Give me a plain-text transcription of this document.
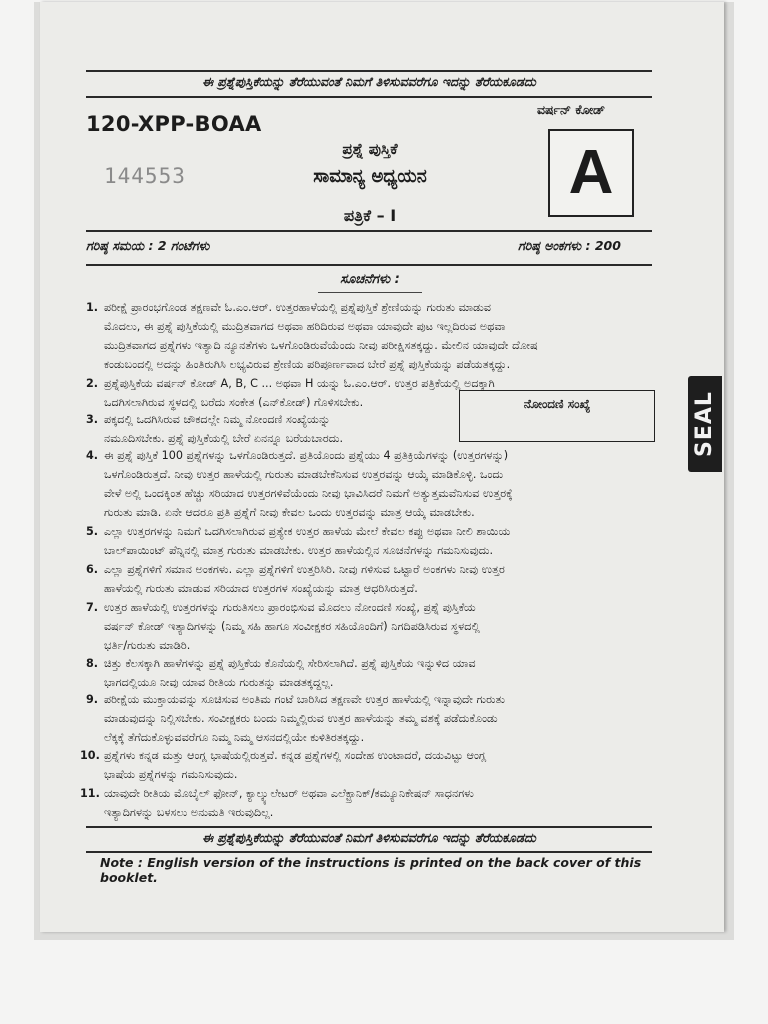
ಈ ಪ್ರಶ್ನೆಪುಸ್ತಿಕೆಯನ್ನು ತೆರೆಯುವಂತೆ ನಿಮಗೆ ತಿಳಿಸುವವರೆಗೂ ಇದನ್ನು ತೆರೆಯಕೂಡದು
120-XPP-BOAA
144553
ವರ್ಷನ್ ಕೋಡ್
A
ಪ್ರಶ್ನೆ ಪುಸ್ತಿಕೆ
ಸಾಮಾನ್ಯ ಅಧ್ಯಯನ
ಪತ್ರಿಕೆ – I
ಗರಿಷ್ಠ ಸಮಯ : 2 ಗಂಟೆಗಳು	ಗರಿಷ್ಠ ಅಂಕಗಳು : 200
ಸೂಚನೆಗಳು :
ನೋಂದಣಿ ಸಂಖ್ಯೆ
1. ಪರೀಕ್ಷೆ ಪ್ರಾರಂಭಗೊಂಡ ತಕ್ಷಣವೇ ಓ.ಎಂ.ಆರ್. ಉತ್ತರಹಾಳೆಯಲ್ಲಿ ಪ್ರಶ್ನೆಪುಸ್ತಿಕೆ ಶ್ರೇಣಿಯನ್ನು ಗುರುತು ಮಾಡುವ
ಮೊದಲು, ಈ ಪ್ರಶ್ನೆ ಪುಸ್ತಿಕೆಯಲ್ಲಿ ಮುದ್ರಿತವಾಗದ ಅಥವಾ ಹರಿದಿರುವ ಅಥವಾ ಯಾವುದೇ ಪುಟ ಇಲ್ಲದಿರುವ ಅಥವಾ
ಮುದ್ರಿತವಾಗದ ಪ್ರಶ್ನೆಗಳು ಇತ್ಯಾದಿ ನ್ಯೂನತೆಗಳು ಒಳಗೊಂಡಿರುವೆಯೆಂದು ನೀವು ಪರೀಕ್ಷಿಸತಕ್ಕದ್ದು. ಮೇಲಿನ ಯಾವುದೇ ದೋಷ
ಕಂಡುಬಂದಲ್ಲಿ ಅದನ್ನು ಹಿಂತಿರುಗಿಸಿ ಲಭ್ಯವಿರುವ ಶ್ರೇಣಿಯ ಪರಿಪೂರ್ಣವಾದ ಬೇರೆ ಪ್ರಶ್ನೆ ಪುಸ್ತಿಕೆಯನ್ನು ಪಡೆಯತಕ್ಕದ್ದು.
2. ಪ್ರಶ್ನೆಪುಸ್ತಿಕೆಯ ವರ್ಷನ್ ಕೋಡ್ A, B, C ... ಅಥವಾ H ಯನ್ನು ಓ.ಎಂ.ಆರ್. ಉತ್ತರ ಪತ್ರಿಕೆಯಲ್ಲಿ ಅದಕ್ಕಾಗಿ
ಒದಗಿಸಲಾಗಿರುವ ಸ್ಥಳದಲ್ಲಿ ಬರೆದು ಸಂಕೇತ (ಎನ್‌ಕೋಡ್) ಗೊಳಿಸಬೇಕು.
3. ಪಕ್ಕದಲ್ಲಿ ಒದಗಿಸಿರುವ ಚೌಕದಲ್ಲೇ ನಿಮ್ಮ ನೋಂದಣಿ ಸಂಖ್ಯೆಯನ್ನು
ನಮೂದಿಸಬೇಕು. ಪ್ರಶ್ನೆ ಪುಸ್ತಿಕೆಯಲ್ಲಿ ಬೇರೆ ಏನನ್ನೂ ಬರೆಯಬಾರದು.
4. ಈ ಪ್ರಶ್ನೆ ಪುಸ್ತಿಕೆ 100 ಪ್ರಶ್ನೆಗಳನ್ನು ಒಳಗೊಂಡಿರುತ್ತದೆ. ಪ್ರತಿಯೊಂದು ಪ್ರಶ್ನೆಯು 4 ಪ್ರತಿಕ್ರಿಯೆಗಳನ್ನು (ಉತ್ತರಗಳನ್ನು)
ಒಳಗೊಂಡಿರುತ್ತದೆ. ನೀವು ಉತ್ತರ ಹಾಳೆಯಲ್ಲಿ ಗುರುತು ಮಾಡಬೇಕೆನಿಸುವ ಉತ್ತರವನ್ನು ಆಯ್ಕೆ ಮಾಡಿಕೊಳ್ಳಿ. ಒಂದು
ವೇಳೆ ಅಲ್ಲಿ ಒಂದಕ್ಕಿಂತ ಹೆಚ್ಚು ಸರಿಯಾದ ಉತ್ತರಗಳಿವೆಯೆಂದು ನೀವು ಭಾವಿಸಿದರೆ ನಿಮಗೆ ಅತ್ಯುತ್ತಮವೆನಿಸುವ ಉತ್ತರಕ್ಕೆ
ಗುರುತು ಮಾಡಿ. ಏನೇ ಆದರೂ ಪ್ರತಿ ಪ್ರಶ್ನೆಗೆ ನೀವು ಕೇವಲ ಒಂದು ಉತ್ತರವನ್ನು ಮಾತ್ರ ಆಯ್ಕೆ ಮಾಡಬೇಕು.
5. ಎಲ್ಲಾ ಉತ್ತರಗಳನ್ನು ನಿಮಗೆ ಒದಗಿಸಲಾಗಿರುವ ಪ್ರತ್ಯೇಕ ಉತ್ತರ ಹಾಳೆಯ ಮೇಲೆ ಕೇವಲ ಕಪ್ಪು ಅಥವಾ ನೀಲಿ ಶಾಯಿಯ
ಬಾಲ್‌ಪಾಯಿಂಟ್ ಪೆನ್ನಿನಲ್ಲಿ ಮಾತ್ರ ಗುರುತು ಮಾಡಬೇಕು. ಉತ್ತರ ಹಾಳೆಯಲ್ಲಿನ ಸೂಚನೆಗಳನ್ನು ಗಮನಿಸುವುದು.
6. ಎಲ್ಲಾ ಪ್ರಶ್ನೆಗಳಿಗೆ ಸಮಾನ ಅಂಕಗಳು. ಎಲ್ಲಾ ಪ್ರಶ್ನೆಗಳಿಗೆ ಉತ್ತರಿಸಿರಿ. ನೀವು ಗಳಿಸುವ ಒಟ್ಟಾರೆ ಅಂಕಗಳು ನೀವು ಉತ್ತರ
ಹಾಳೆಯಲ್ಲಿ ಗುರುತು ಮಾಡುವ ಸರಿಯಾದ ಉತ್ತರಗಳ ಸಂಖ್ಯೆಯನ್ನು ಮಾತ್ರ ಆಧರಿಸಿರುತ್ತದೆ.
7. ಉತ್ತರ ಹಾಳೆಯಲ್ಲಿ ಉತ್ತರಗಳನ್ನು ಗುರುತಿಸಲು ಪ್ರಾರಂಭಿಸುವ ಮೊದಲು ನೋಂದಣಿ ಸಂಖ್ಯೆ, ಪ್ರಶ್ನೆ ಪುಸ್ತಿಕೆಯ
ವರ್ಷನ್ ಕೋಡ್ ಇತ್ಯಾದಿಗಳನ್ನು (ನಿಮ್ಮ ಸಹಿ ಹಾಗೂ ಸಂವೀಕ್ಷಕರ ಸಹಿಯೊಂದಿಗೆ) ನಿಗದಿಪಡಿಸಿರುವ ಸ್ಥಳದಲ್ಲಿ
ಭರ್ತಿ/ಗುರುತು ಮಾಡಿರಿ.
8. ಚಿತ್ತು ಕೆಲಸಕ್ಕಾಗಿ ಹಾಳೆಗಳನ್ನು ಪ್ರಶ್ನೆ ಪುಸ್ತಿಕೆಯ ಕೊನೆಯಲ್ಲಿ ಸೇರಿಸಲಾಗಿದೆ. ಪ್ರಶ್ನೆ ಪುಸ್ತಿಕೆಯ ಇನ್ನುಳಿದ ಯಾವ
ಭಾಗದಲ್ಲಿಯೂ ನೀವು ಯಾವ ರೀತಿಯ ಗುರುತನ್ನು ಮಾಡತಕ್ಕದ್ದಲ್ಲ.
9. ಪರೀಕ್ಷೆಯ ಮುಕ್ತಾಯವನ್ನು ಸೂಚಿಸುವ ಅಂತಿಮ ಗಂಟೆ ಬಾರಿಸಿದ ತಕ್ಷಣವೇ ಉತ್ತರ ಹಾಳೆಯಲ್ಲಿ ಇನ್ನಾವುದೇ ಗುರುತು
ಮಾಡುವುದನ್ನು ನಿಲ್ಲಿಸಬೇಕು. ಸಂವೀಕ್ಷಕರು ಬಂದು ನಿಮ್ಮಲ್ಲಿರುವ ಉತ್ತರ ಹಾಳೆಯನ್ನು ತಮ್ಮ ವಶಕ್ಕೆ ಪಡೆದುಕೊಂಡು
ಲೆಕ್ಕಕ್ಕೆ ತೆಗೆದುಕೊಳ್ಳುವವರೆಗೂ ನಿಮ್ಮ ನಿಮ್ಮ ಆಸನದಲ್ಲಿಯೇ ಕುಳಿತಿರತಕ್ಕದ್ದು.
10. ಪ್ರಶ್ನೆಗಳು ಕನ್ನಡ ಮತ್ತು ಆಂಗ್ಲ ಭಾಷೆಯಲ್ಲಿರುತ್ತವೆ. ಕನ್ನಡ ಪ್ರಶ್ನೆಗಳಲ್ಲಿ ಸಂದೇಹ ಉಂಟಾದರೆ, ದಯವಿಟ್ಟು ಆಂಗ್ಲ
ಭಾಷೆಯ ಪ್ರಶ್ನೆಗಳನ್ನು ಗಮನಿಸುವುದು.
11. ಯಾವುದೇ ರೀತಿಯ ಮೊಬೈಲ್ ಫೋನ್, ಕ್ಯಾಲ್ಕ್ಯುಲೇಟರ್ ಅಥವಾ ಎಲೆಕ್ಟ್ರಾನಿಕ್/ಕಮ್ಯೂನಿಕೇಷನ್ ಸಾಧನಗಳು
ಇತ್ಯಾದಿಗಳನ್ನು ಬಳಸಲು ಅನುಮತಿ ಇರುವುದಿಲ್ಲ.
ಈ ಪ್ರಶ್ನೆಪುಸ್ತಿಕೆಯನ್ನು ತೆರೆಯುವಂತೆ ನಿಮಗೆ ತಿಳಿಸುವವರೆಗೂ ಇದನ್ನು ತೆರೆಯಕೂಡದು
Note : English version of the instructions is printed on the back cover of this booklet.
SEAL
